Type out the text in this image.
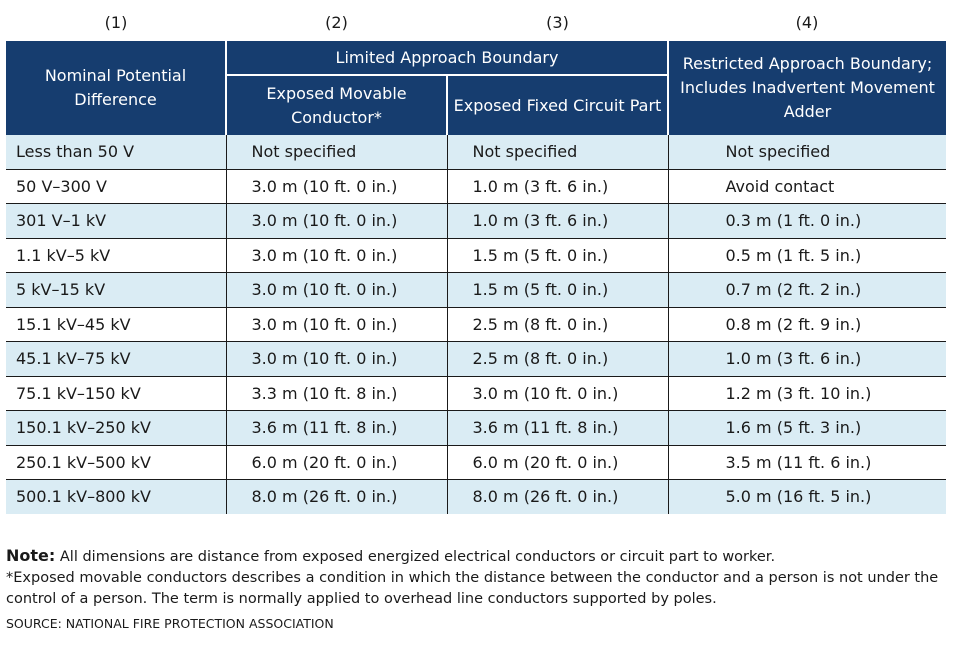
(1)	(2)	(3)	(4)
Nominal Potential Difference	Limited Approach Boundary		Restricted Approach Boundary; Includes Inadvertent Movement Adder
	Exposed Movable Conductor*	Exposed Fixed Circuit Part	
Less than 50 V	Not specified	Not specified	Not specified
50 V–300 V	3.0 m (10 ft. 0 in.)	1.0 m (3 ft. 6 in.)	Avoid contact
301 V–1 kV	3.0 m (10 ft. 0 in.)	1.0 m (3 ft. 6 in.)	0.3 m (1 ft. 0 in.)
1.1 kV–5 kV	3.0 m (10 ft. 0 in.)	1.5 m (5 ft. 0 in.)	0.5 m (1 ft. 5 in.)
5 kV–15 kV	3.0 m (10 ft. 0 in.)	1.5 m (5 ft. 0 in.)	0.7 m (2 ft. 2 in.)
15.1 kV–45 kV	3.0 m (10 ft. 0 in.)	2.5 m (8 ft. 0 in.)	0.8 m (2 ft. 9 in.)
45.1 kV–75 kV	3.0 m (10 ft. 0 in.)	2.5 m (8 ft. 0 in.)	1.0 m (3 ft. 6 in.)
75.1 kV–150 kV	3.3 m (10 ft. 8 in.)	3.0 m (10 ft. 0 in.)	1.2 m (3 ft. 10 in.)
150.1 kV–250 kV	3.6 m (11 ft. 8 in.)	3.6 m (11 ft. 8 in.)	1.6 m (5 ft. 3 in.)
250.1 kV–500 kV	6.0 m (20 ft. 0 in.)	6.0 m (20 ft. 0 in.)	3.5 m (11 ft. 6 in.)
500.1 kV–800 kV	8.0 m (26 ft. 0 in.)	8.0 m (26 ft. 0 in.)	5.0 m (16 ft. 5 in.)
Note: All dimensions are distance from exposed energized electrical conductors or circuit part to worker.
*Exposed movable conductors describes a condition in which the distance between the conductor and a person is not under the control of a person. The term is normally applied to overhead line conductors supported by poles.
SOURCE: NATIONAL FIRE PROTECTION ASSOCIATION
